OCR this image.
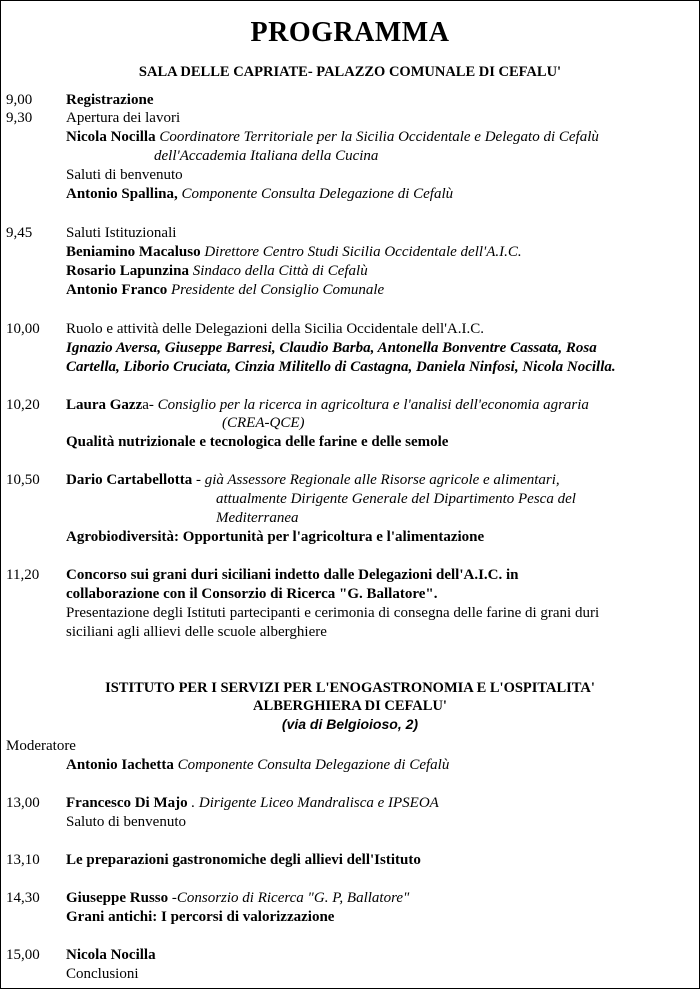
PROGRAMMA
SALA DELLE CAPRIATE- PALAZZO COMUNALE DI CEFALU'
9,00 Registrazione
9,30 Apertura dei lavori
Nicola Nocilla Coordinatore Territoriale per la Sicilia Occidentale e Delegato di Cefalù
dell'Accademia Italiana della Cucina
Saluti di benvenuto
Antonio Spallina, Componente Consulta Delegazione di Cefalù
9,45 Saluti Istituzionali
Beniamino Macaluso Direttore Centro Studi Sicilia Occidentale dell'A.I.C.
Rosario Lapunzina Sindaco della Città di Cefalù
Antonio Franco Presidente del Consiglio Comunale
10,00 Ruolo e attività delle Delegazioni della Sicilia Occidentale dell'A.I.C.
Ignazio Aversa, Giuseppe Barresi, Claudio Barba, Antonella Bonventre Cassata, Rosa
Cartella, Liborio Cruciata, Cinzia Militello di Castagna, Daniela Ninfosi, Nicola Nocilla.
10,20 Laura Gazza- Consiglio per la ricerca in agricoltura e l'analisi dell'economia agraria
(CREA-QCE)
Qualità nutrizionale e tecnologica delle farine e delle semole
10,50 Dario Cartabellotta - già Assessore Regionale alle Risorse agricole e alimentari,
attualmente Dirigente Generale del Dipartimento Pesca del
Mediterranea
Agrobiodiversità: Opportunità per l'agricoltura e l'alimentazione
11,20 Concorso sui grani duri siciliani indetto dalle Delegazioni dell'A.I.C. in
collaborazione con il Consorzio di Ricerca "G. Ballatore".
Presentazione degli Istituti partecipanti e cerimonia di consegna delle farine di grani duri
siciliani agli allievi delle scuole alberghiere
ISTITUTO PER I SERVIZI PER L'ENOGASTRONOMIA E L'OSPITALITA'
ALBERGHIERA DI CEFALU'
(via di Belgioioso, 2)
Moderatore
Antonio Iachetta Componente Consulta Delegazione di Cefalù
13,00 Francesco Di Majo . Dirigente Liceo Mandralisca e IPSEOA
Saluto di benvenuto
13,10 Le preparazioni gastronomiche degli allievi dell'Istituto
14,30 Giuseppe Russo -Consorzio di Ricerca "G. P, Ballatore"
Grani antichi: I percorsi di valorizzazione
15,00 Nicola Nocilla
Conclusioni
